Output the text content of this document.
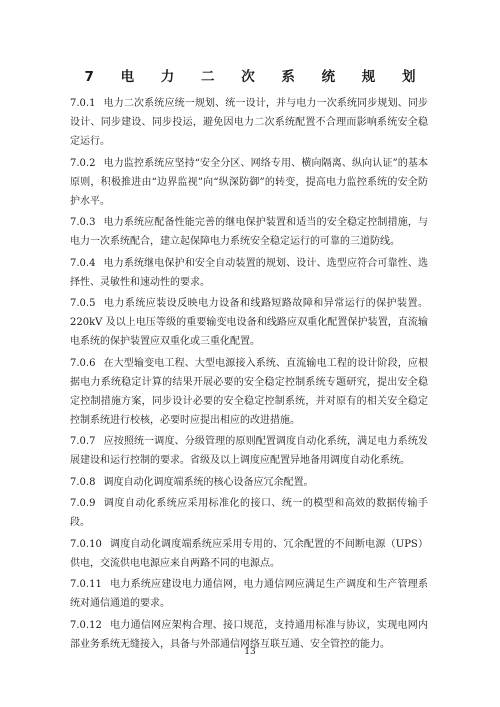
7 电 力 二 次 系 统 规 划
7.0.1 电力二次系统应统一规划、统一设计，并与电力一次系统同步规划、同步设计、同步建设、同步投运，避免因电力二次系统配置不合理而影响系统安全稳定运行。
7.0.2 电力监控系统应坚持“安全分区、网络专用、横向隔离、纵向认证”的基本原则，积极推进由“边界监视”向“纵深防御”的转变，提高电力监控系统的安全防护水平。
7.0.3 电力系统应配备性能完善的继电保护装置和适当的安全稳定控制措施，与电力一次系统配合，建立起保障电力系统安全稳定运行的可靠的三道防线。
7.0.4 电力系统继电保护和安全自动装置的规划、设计、选型应符合可靠性、选择性、灵敏性和速动性的要求。
7.0.5 电力系统应装设反映电力设备和线路短路故障和异常运行的保护装置。220kV 及以上电压等级的重要输变电设备和线路应双重化配置保护装置，直流输电系统的保护装置应双重化或三重化配置。
7.0.6 在大型输变电工程、大型电源接入系统、直流输电工程的设计阶段，应根据电力系统稳定计算的结果开展必要的安全稳定控制系统专题研究，提出安全稳定控制措施方案，同步设计必要的安全稳定控制系统，并对原有的相关安全稳定控制系统进行校核，必要时应提出相应的改进措施。
7.0.7 应按照统一调度、分级管理的原则配置调度自动化系统，满足电力系统发展建设和运行控制的要求。省级及以上调度应配置异地备用调度自动化系统。
7.0.8 调度自动化调度端系统的核心设备应冗余配置。
7.0.9 调度自动化系统应采用标准化的接口、统一的模型和高效的数据传输手段。
7.0.10 调度自动化调度端系统应采用专用的、冗余配置的不间断电源（UPS）供电，交流供电电源应来自两路不同的电源点。
7.0.11 电力系统应建设电力通信网，电力通信网应满足生产调度和生产管理系统对通信通道的要求。
7.0.12 电力通信网应架构合理、接口规范，支持通用标准与协议，实现电网内部业务系统无缝接入，具备与外部通信网络互联互通、安全管控的能力。
13
